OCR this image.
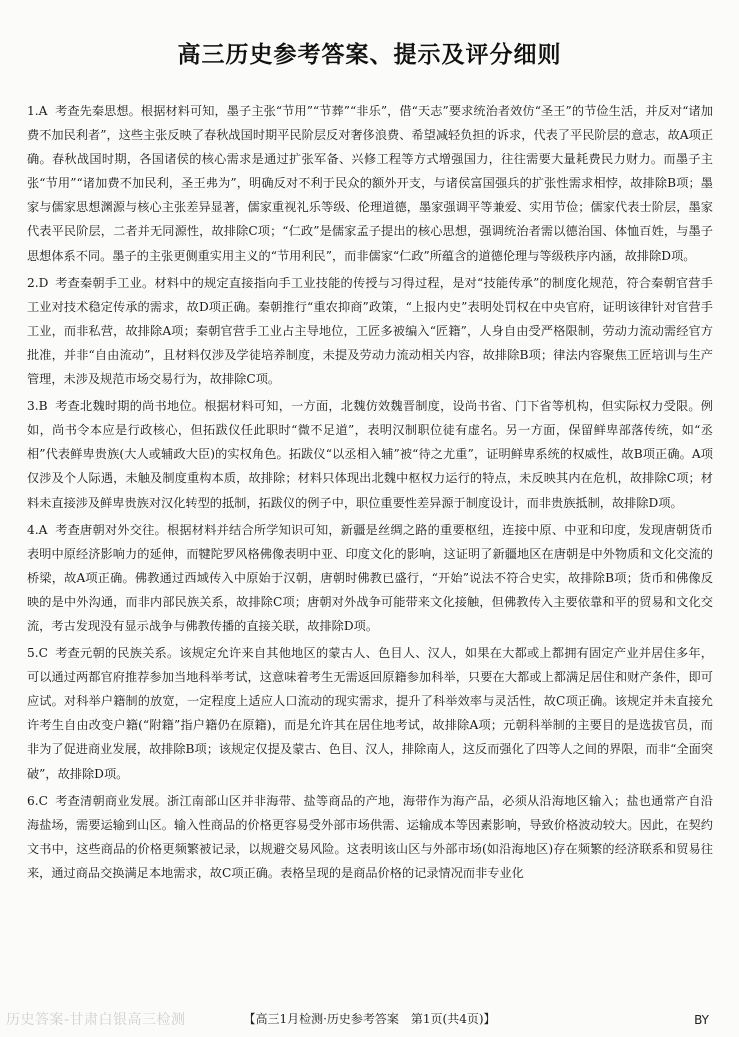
高三历史参考答案、提示及评分细则

1.A 考查先秦思想。根据材料可知，墨子主张“节用”“节葬”“非乐”，借“天志”要求统治者效仿“圣王”的节俭生活，并反对“诸加费不加民利者”，这些主张反映了春秋战国时期平民阶层反对奢侈浪费、希望减轻负担的诉求，代表了平民阶层的意志，故A项正确。春秋战国时期，各国诸侯的核心需求是通过扩张军备、兴修工程等方式增强国力，往往需要大量耗费民力财力。而墨子主张“节用”“诸加费不加民利，圣王弗为”，明确反对不利于民众的额外开支，与诸侯富国强兵的扩张性需求相悖，故排除B项；墨家与儒家思想渊源与核心主张差异显著，儒家重视礼乐等级、伦理道德，墨家强调平等兼爱、实用节俭；儒家代表士阶层，墨家代表平民阶层，二者并无同源性，故排除C项；“仁政”是儒家孟子提出的核心思想，强调统治者需以德治国、体恤百姓，与墨子思想体系不同。墨子的主张更侧重实用主义的“节用利民”，而非儒家“仁政”所蕴含的道德伦理与等级秩序内涵，故排除D项。

2.D 考查秦朝手工业。材料中的规定直接指向手工业技能的传授与习得过程，是对“技能传承”的制度化规范，符合秦朝官营手工业对技术稳定传承的需求，故D项正确。秦朝推行“重农抑商”政策，“上报内史”表明处罚权在中央官府，证明该律针对官营手工业，而非私营，故排除A项；秦朝官营手工业占主导地位，工匠多被编入“匠籍”，人身自由受严格限制，劳动力流动需经官方批准，并非“自由流动”，且材料仅涉及学徒培养制度，未提及劳动力流动相关内容，故排除B项；律法内容聚焦工匠培训与生产管理，未涉及规范市场交易行为，故排除C项。

3.B 考查北魏时期的尚书地位。根据材料可知，一方面，北魏仿效魏晋制度，设尚书省、门下省等机构，但实际权力受限。例如，尚书令本应是行政核心，但拓跋仪任此职时“微不足道”，表明汉制职位徒有虚名。另一方面，保留鲜卑部落传统，如“丞相”代表鲜卑贵族(大人或辅政大臣)的实权角色。拓跋仪“以丞相入辅”被“待之尤重”，证明鲜卑系统的权威性，故B项正确。A项仅涉及个人际遇，未触及制度重构本质，故排除；材料只体现出北魏中枢权力运行的特点，未反映其内在危机，故排除C项；材料未直接涉及鲜卑贵族对汉化转型的抵制，拓跋仪的例子中，职位重要性差异源于制度设计，而非贵族抵制，故排除D项。

4.A 考查唐朝对外交往。根据材料并结合所学知识可知，新疆是丝绸之路的重要枢纽，连接中原、中亚和印度，发现唐朝货币表明中原经济影响力的延伸，而犍陀罗风格佛像表明中亚、印度文化的影响，这证明了新疆地区在唐朝是中外物质和文化交流的桥梁，故A项正确。佛教通过西域传入中原始于汉朝，唐朝时佛教已盛行，“开始”说法不符合史实，故排除B项；货币和佛像反映的是中外沟通，而非内部民族关系，故排除C项；唐朝对外战争可能带来文化接触，但佛教传入主要依靠和平的贸易和文化交流，考古发现没有显示战争与佛教传播的直接关联，故排除D项。

5.C 考查元朝的民族关系。该规定允许来自其他地区的蒙古人、色目人、汉人，如果在大都或上都拥有固定产业并居住多年，可以通过两都官府推荐参加当地科举考试，这意味着考生无需返回原籍参加科举，只要在大都或上都满足居住和财产条件，即可应试。对科举户籍制的放宽，一定程度上适应人口流动的现实需求，提升了科举效率与灵活性，故C项正确。该规定并未直接允许考生自由改变户籍(“附籍”指户籍仍在原籍)，而是允许其在居住地考试，故排除A项；元朝科举制的主要目的是选拔官员，而非为了促进商业发展，故排除B项；该规定仅提及蒙古、色目、汉人，排除南人，这反而强化了四等人之间的界限，而非“全面突破”，故排除D项。

6.C 考查清朝商业发展。浙江南部山区并非海带、盐等商品的产地，海带作为海产品，必须从沿海地区输入；盐也通常产自沿海盐场，需要运输到山区。输入性商品的价格更容易受外部市场供需、运输成本等因素影响，导致价格波动较大。因此，在契约文书中，这些商品的价格更频繁被记录，以规避交易风险。这表明该山区与外部市场(如沿海地区)存在频繁的经济联系和贸易往来，通过商品交换满足本地需求，故C项正确。表格呈现的是商品价格的记录情况而非专业化

历史答案-甘肃白银高三检测	【高三1月检测·历史参考答案　第1页(共4页)】	BY
